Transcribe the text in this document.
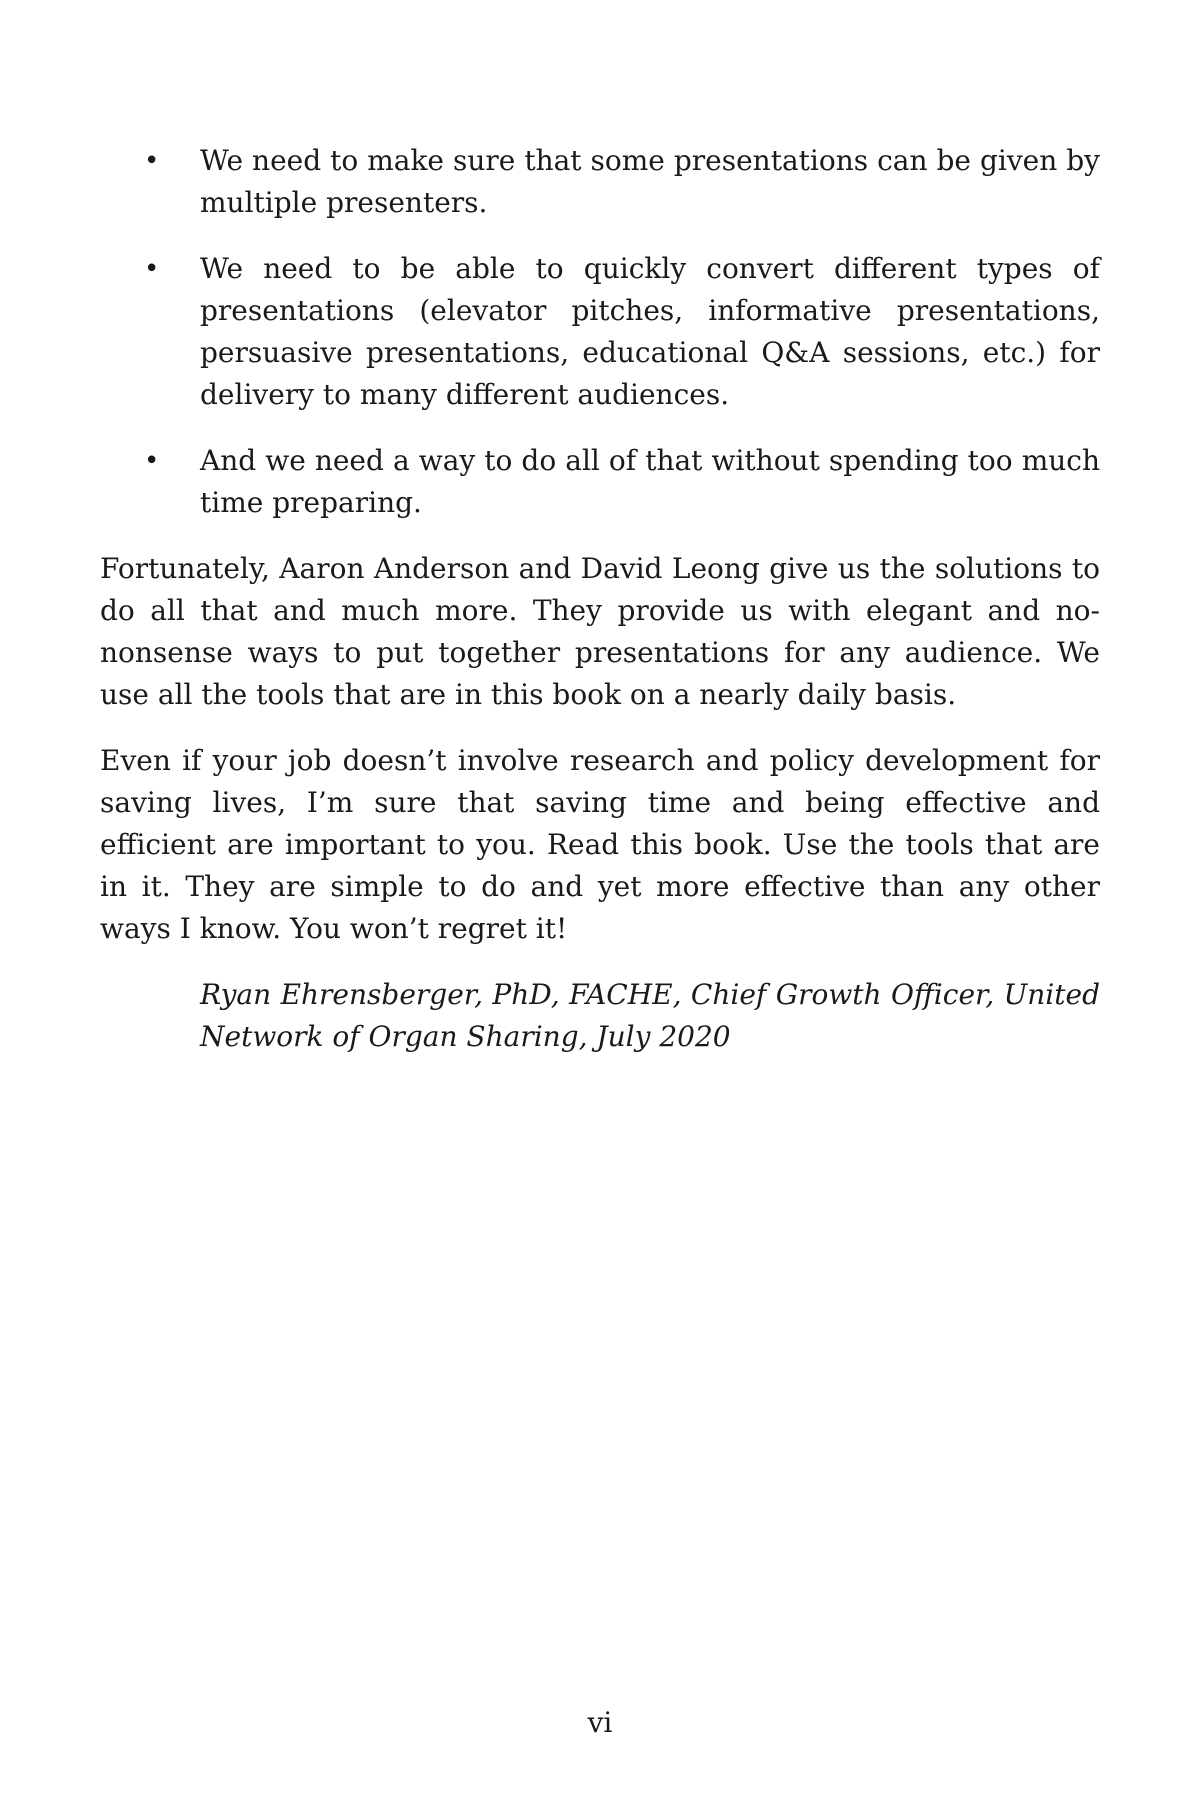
• We need to make sure that some presentations can be given by multiple presenters.
• We need to be able to quickly convert different types of presentations (elevator pitches, informative presentations, persuasive presentations, educational Q&A sessions, etc.) for delivery to many different audiences.
• And we need a way to do all of that without spending too much time preparing.

Fortunately, Aaron Anderson and David Leong give us the solutions to do all that and much more. They provide us with elegant and no-nonsense ways to put together presentations for any audience. We use all the tools that are in this book on a nearly daily basis.

Even if your job doesn’t involve research and policy development for saving lives, I’m sure that saving time and being effective and efficient are important to you. Read this book. Use the tools that are in it. They are simple to do and yet more effective than any other ways I know. You won’t regret it!

Ryan Ehrensberger, PhD, FACHE, Chief Growth Officer, United Network of Organ Sharing, July 2020

vi
